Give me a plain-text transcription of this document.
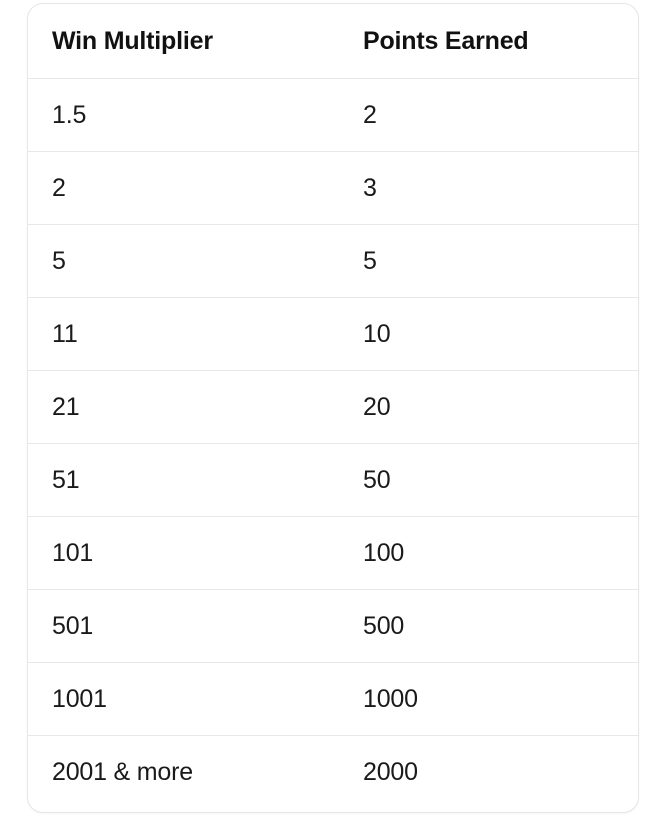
Win Multiplier	Points Earned
1.5	2
2	3
5	5
11	10
21	20
51	50
101	100
501	500
1001	1000
2001 & more	2000
